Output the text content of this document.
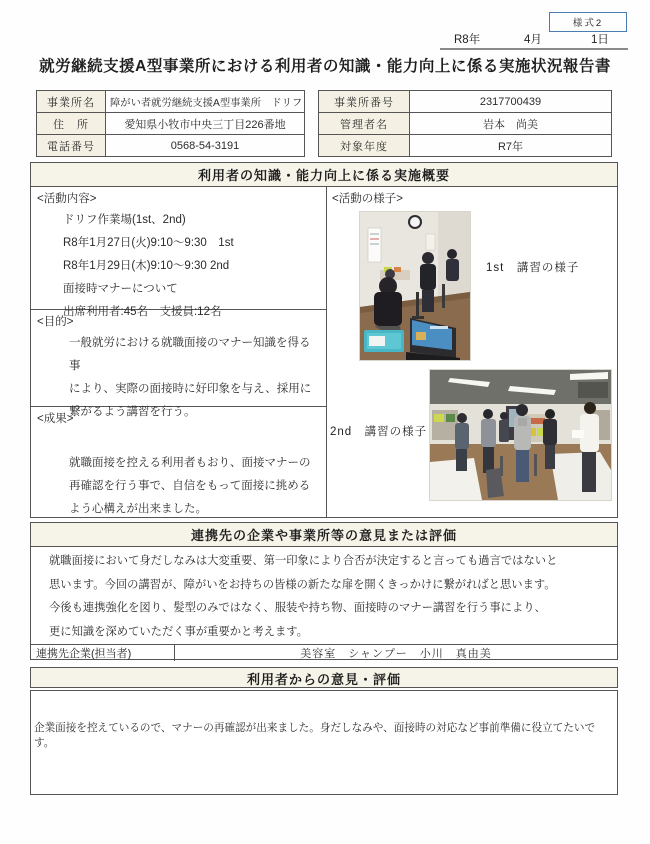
様式2
R8年	4月	1日
就労継続支援A型事業所における利用者の知識・能力向上に係る実施状況報告書
事業所名	障がい者就労継続支援A型事業所　ドリフ
住　所	愛知県小牧市中央三丁目226番地
電話番号	0568-54-3191
事業所番号	2317700439
管理者名	岩本　尚美
対象年度	R7年
利用者の知識・能力向上に係る実施概要
<活動内容>
ドリフ作業場(1st、2nd)
R8年1月27日(火)9:10〜9:30　1st
R8年1月29日(木)9:10〜9:30 2nd
面接時マナーについて
出席利用者:45名　支援員:12名
<目的>
一般就労における就職面接のマナー知識を得る事
により、実際の面接時に好印象を与え、採用に
繋がるよう講習を行う。
<成果>
就職面接を控える利用者もおり、面接マナーの
再確認を行う事で、自信をもって面接に挑める
よう心構えが出来ました。
<活動の様子>
1st　講習の様子
2nd　講習の様子
連携先の企業や事業所等の意見または評価
就職面接において身だしなみは大変重要、第一印象により合否が決定すると言っても過言ではないと
思います。今回の講習が、障がいをお持ちの皆様の新たな扉を開くきっかけに繋がればと思います。
今後も連携強化を図り、髪型のみではなく、服装や持ち物、面接時のマナー講習を行う事により、
更に知識を深めていただく事が重要かと考えます。
連携先企業(担当者)	美容室　シャンプー　小川　真由美
利用者からの意見・評価
企業面接を控えているので、マナーの再確認が出来ました。身だしなみや、面接時の対応など事前準備に役立てたいです。
